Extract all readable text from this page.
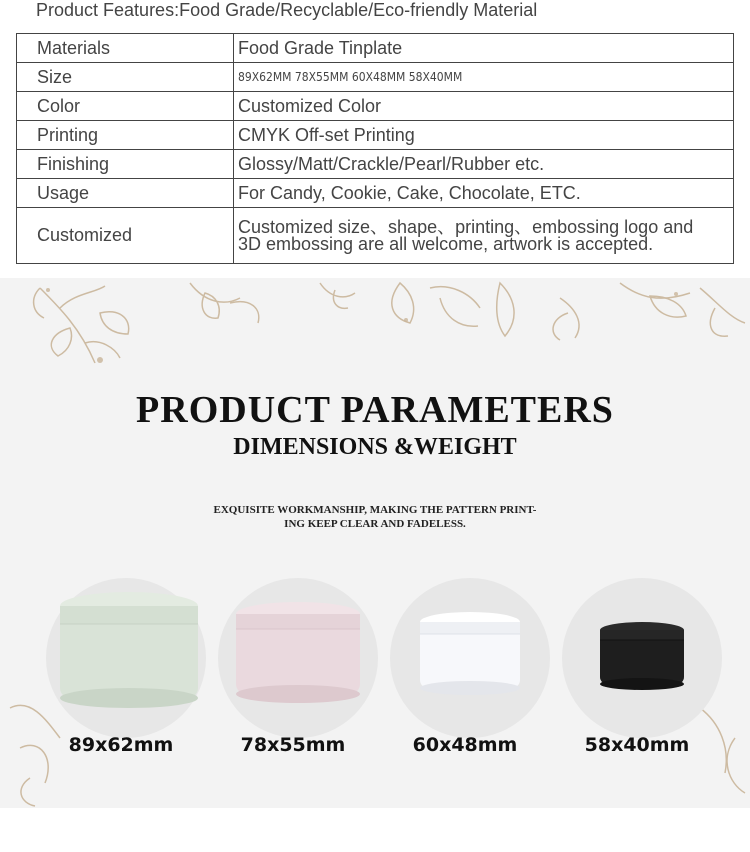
Product Features:Food Grade/Recyclable/Eco-friendly Material
Materials	Food Grade Tinplate
Size	89X62MM 78X55MM 60X48MM 58X40MM
Color	Customized Color
Printing	CMYK Off-set Printing
Finishing	Glossy/Matt/Crackle/Pearl/Rubber etc.
Usage	For Candy, Cookie, Cake, Chocolate, ETC.
Customized	Customized size、shape、printing、embossing logo and
3D embossing are all welcome, artwork is accepted.
PRODUCT PARAMETERS
DIMENSIONS &WEIGHT
EXQUISITE WORKMANSHIP, MAKING THE PATTERN PRINT-
ING KEEP CLEAR AND FADELESS.
89x62mm	78x55mm	60x48mm	58x40mm
